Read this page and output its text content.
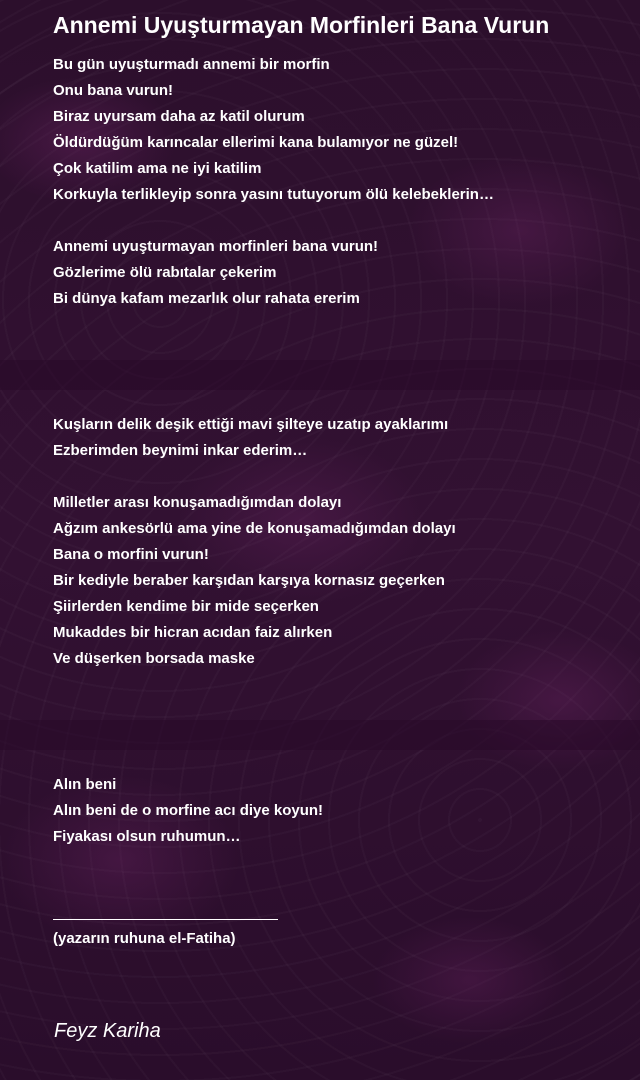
Annemi Uyuşturmayan Morfinleri Bana Vurun
Bu gün uyuşturmadı annemi bir morfin
Onu bana vurun!
Biraz uyursam daha az katil olurum
Öldürdüğüm karıncalar ellerimi kana bulamıyor ne güzel!
Çok katilim ama ne iyi katilim
Korkuyla terlikleyip sonra yasını tutuyorum ölü kelebeklerin…
Annemi uyuşturmayan morfinleri bana vurun!
Gözlerime ölü rabıtalar çekerim
Bi dünya kafam mezarlık olur rahata ererim
Kuşların delik deşik ettiği mavi şilteye uzatıp ayaklarımı
Ezberimden beynimi inkar ederim…
Milletler arası konuşamadığımdan dolayı
Ağzım ankesörlü ama yine de konuşamadığımdan dolayı
Bana o morfini vurun!
Bir kediyle beraber karşıdan karşıya kornasız geçerken
Şiirlerden kendime bir mide seçerken
Mukaddes bir hicran acıdan faiz alırken
Ve düşerken borsada maske
Alın beni
Alın beni de o morfine acı diye koyun!
Fiyakası olsun ruhumun…
(yazarın ruhuna el-Fatiha)
Feyz Kariha
